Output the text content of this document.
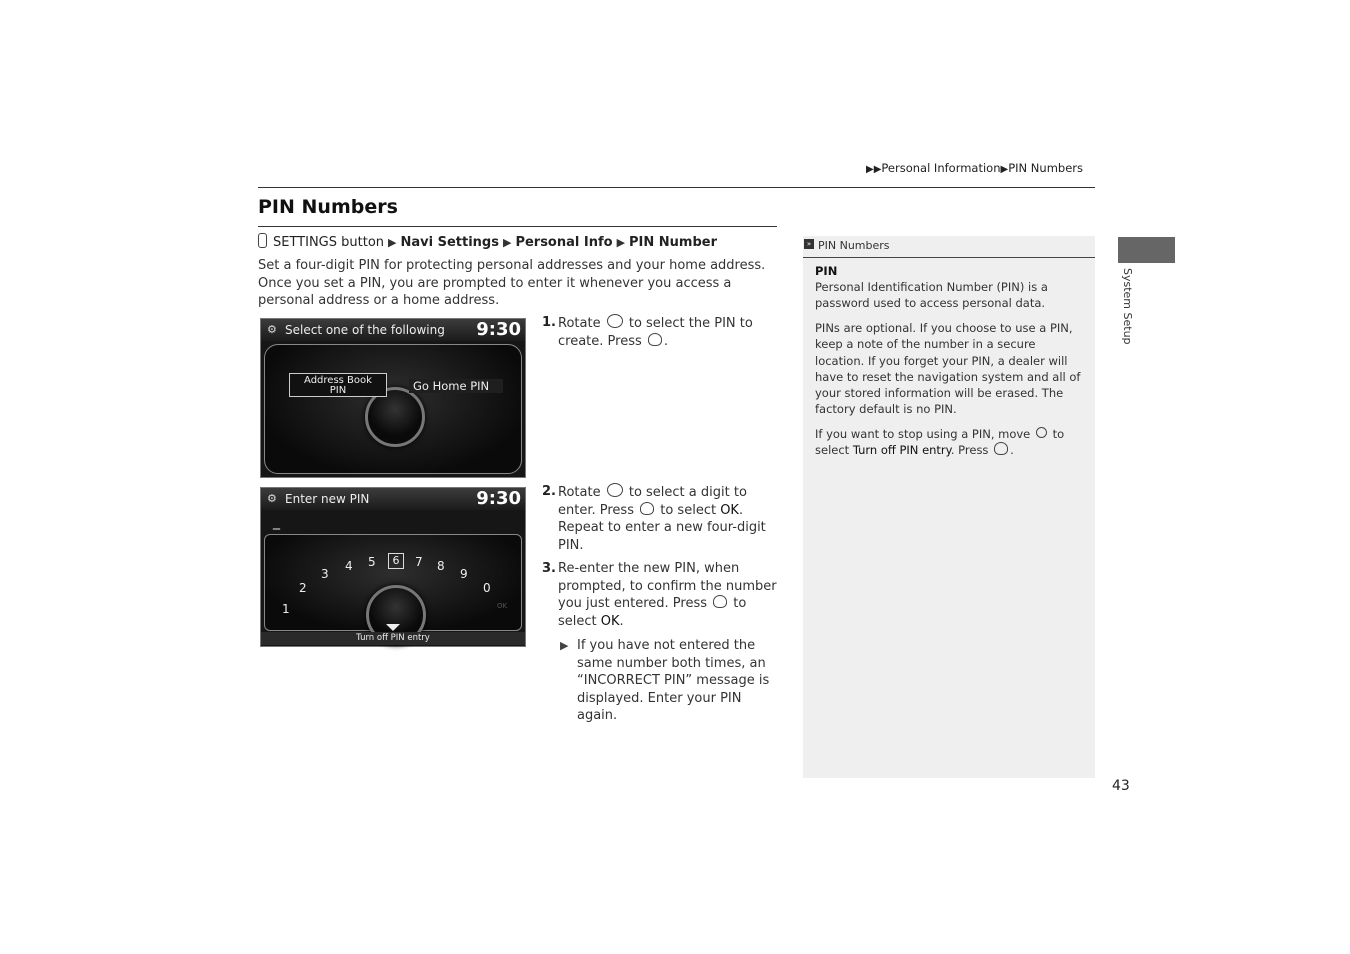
▶▶Personal Information▶PIN Numbers
PIN Numbers
SETTINGS button ▶ Navi Settings ▶ Personal Info ▶ PIN Number
Set a four-digit PIN for protecting personal addresses and your home address. Once you set a PIN, you are prompted to enter it whenever you access a personal address or a home address.
⚙ Select one of the following 9:30
Address Book PIN	Go Home PIN
⚙ Enter new PIN	9:30
_
1
2
3
4 5	6	7 8
9
0
OK
Turn off PIN entry
1. Rotate to select the PIN to create. Press .
2. Rotate to select a digit to enter. Press to select OK. Repeat to enter a new four-digit PIN.
3. Re-enter the new PIN, when prompted, to confirm the number you just entered. Press to select OK.
▶ If you have not entered the same number both times, an “INCORRECT PIN” message is displayed. Enter your PIN again.
» PIN Numbers
PIN
Personal Identification Number (PIN) is a password used to access personal data.
PINs are optional. If you choose to use a PIN, keep a note of the number in a secure location. If you forget your PIN, a dealer will have to reset the navigation system and all of your stored information will be erased. The factory default is no PIN.
If you want to stop using a PIN, move to select Turn off PIN entry. Press .
System Setup
43
